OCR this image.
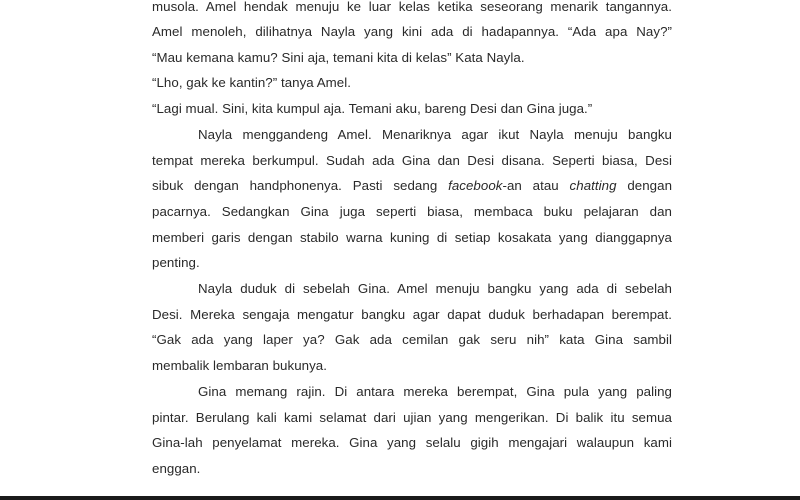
musola. Amel hendak menuju ke luar kelas ketika seseorang menarik tangannya.
Amel menoleh, dilihatnya Nayla yang kini ada di hadapannya. “Ada apa Nay?”
“Mau kemana kamu? Sini aja, temani kita di kelas” Kata Nayla.
“Lho, gak ke kantin?” tanya Amel.
“Lagi mual. Sini, kita kumpul aja. Temani aku, bareng Desi dan Gina juga.”
Nayla menggandeng Amel. Menariknya agar ikut Nayla menuju bangku
tempat mereka berkumpul. Sudah ada Gina dan Desi disana. Seperti biasa, Desi
sibuk dengan handphonenya. Pasti sedang facebook-an atau chatting dengan
pacarnya. Sedangkan Gina juga seperti biasa, membaca buku pelajaran dan
memberi garis dengan stabilo warna kuning di setiap kosakata yang dianggapnya
penting.
Nayla duduk di sebelah Gina. Amel menuju bangku yang ada di sebelah
Desi. Mereka sengaja mengatur bangku agar dapat duduk berhadapan berempat.
“Gak ada yang laper ya? Gak ada cemilan gak seru nih” kata Gina sambil
membalik lembaran bukunya.
Gina memang rajin. Di antara mereka berempat, Gina pula yang paling
pintar. Berulang kali kami selamat dari ujian yang mengerikan. Di balik itu semua
Gina-lah penyelamat mereka. Gina yang selalu gigih mengajari walaupun kami
enggan.
